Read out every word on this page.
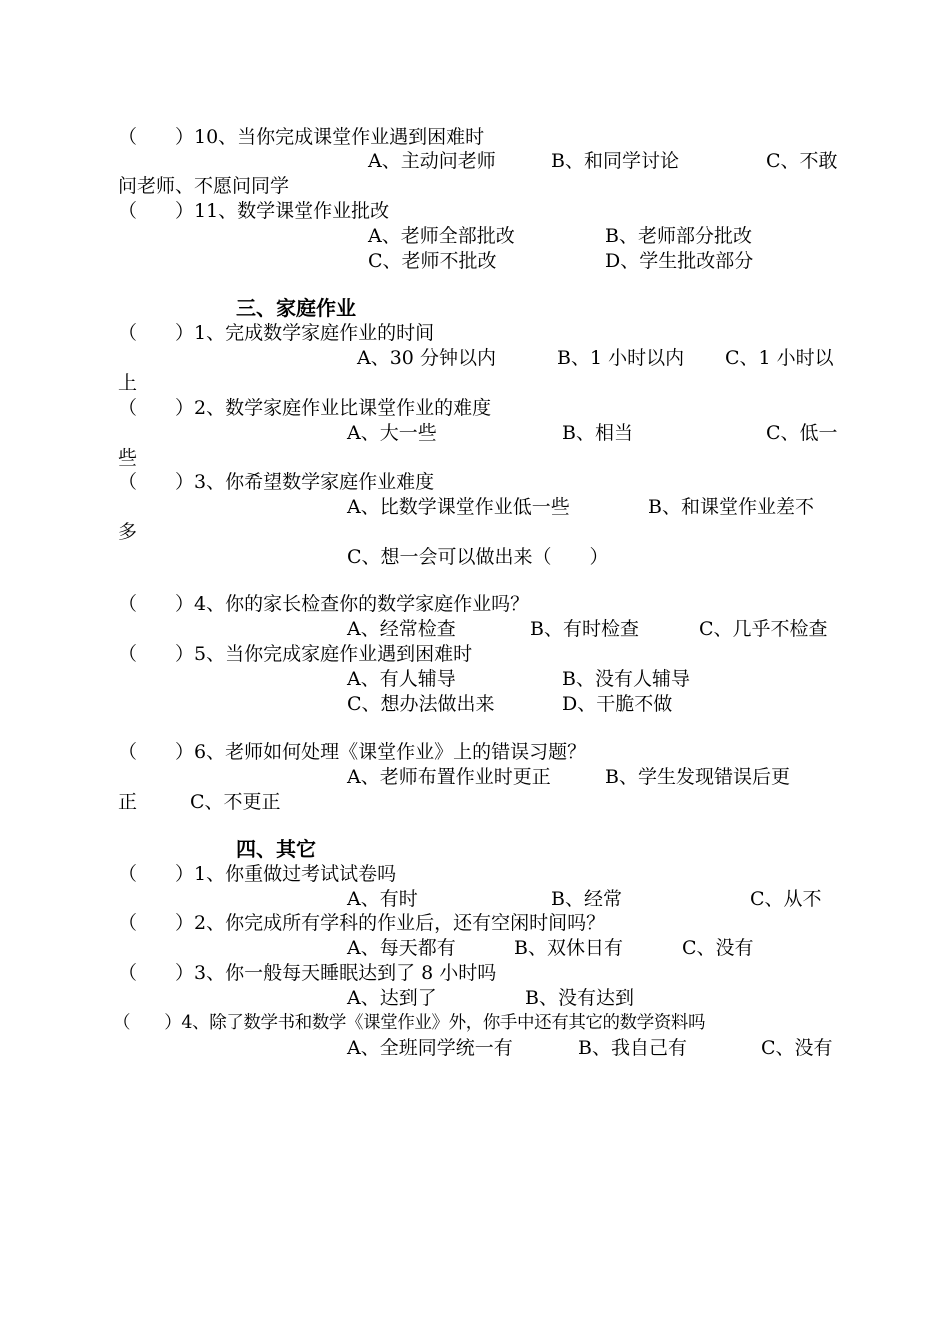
（　　）10、当你完成课堂作业遇到困难时
A、主动问老师	B、和同学讨论	C、不敢
问老师、不愿问同学
（　　）11、数学课堂作业批改
A、老师全部批改	B、老师部分批改
C、老师不批改	D、学生批改部分
三、家庭作业
（　　）1、完成数学家庭作业的时间
A、30 分钟以内	B、1 小时以内 C、1 小时以
上
（　　）2、数学家庭作业比课堂作业的难度
A、大一些	B、相当	C、低一
些
（　　）3、你希望数学家庭作业难度
A、比数学课堂作业低一些	B、和课堂作业差不
多
C、想一会可以做出来（　　）
（　　）4、你的家长检查你的数学家庭作业吗？
A、经常检查	B、有时检查	C、几乎不检查
（　　）5、当你完成家庭作业遇到困难时
A、有人辅导	B、没有人辅导
C、想办法做出来	D、干脆不做
（　　）6、老师如何处理《课堂作业》上的错误习题？
A、老师布置作业时更正	B、学生发现错误后更
正	C、不更正
四、其它
（　　）1、你重做过考试试卷吗
A、有时	B、经常	C、从不
（　　）2、你完成所有学科的作业后，还有空闲时间吗？
A、每天都有	B、双休日有	C、没有
（　　）3、你一般每天睡眠达到了 8 小时吗
A、达到了	B、没有达到
（　　）4、除了数学书和数学《课堂作业》外，你手中还有其它的数学资料吗
A、全班同学统一有	B、我自己有	C、没有
